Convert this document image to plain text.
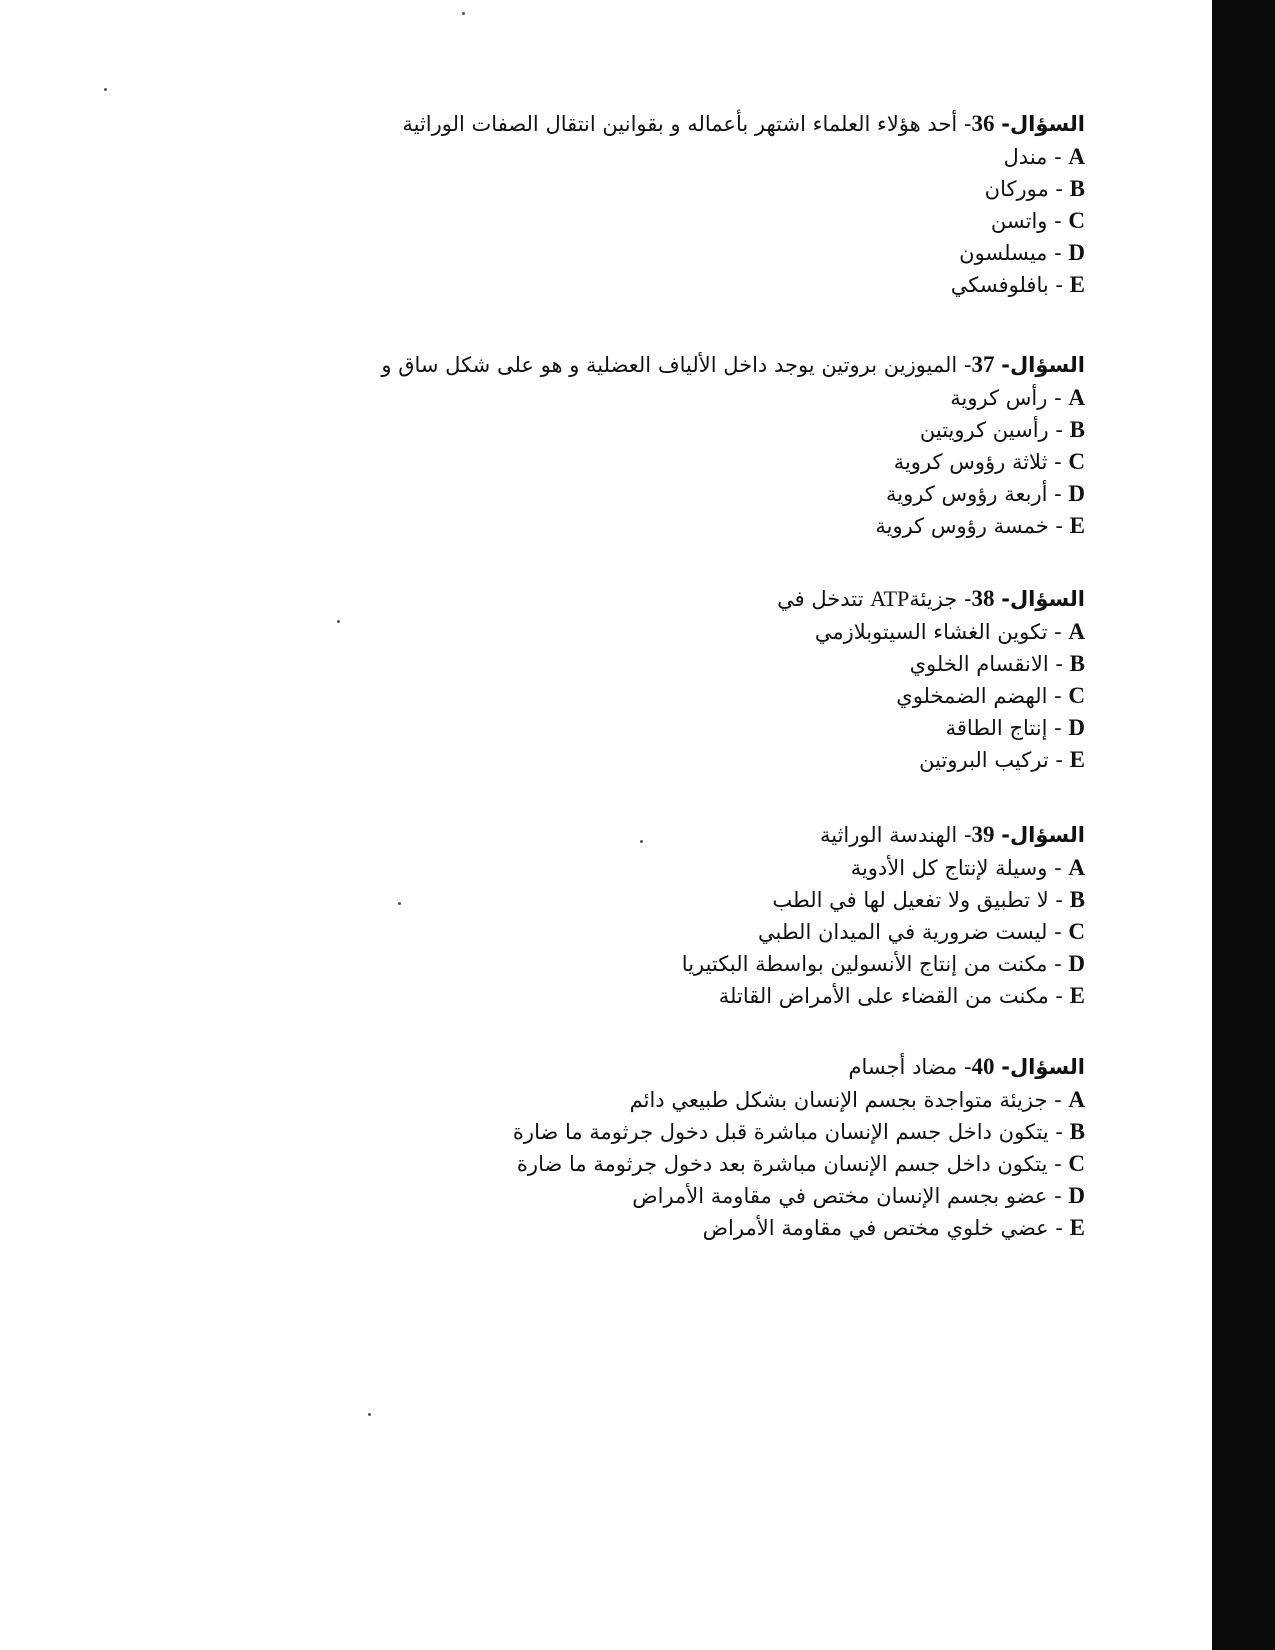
السؤال- 36- أحد هؤلاء العلماء اشتهر بأعماله و بقوانين انتقال الصفات الوراثية
A - مندل
B - موركان
C - واتسن
D - ميسلسون
E - بافلوفسكي
السؤال- 37- الميوزين بروتين يوجد داخل الألياف العضلية و هو على شكل ساق و
A - رأس كروية
B - رأسين كرويتين
C - ثلاثة رؤوس كروية
D - أربعة رؤوس كروية
E - خمسة رؤوس كروية
السؤال- 38- جزيئةATP تتدخل في
A - تكوين الغشاء السيتوبلازمي
B - الانقسام الخلوي
C - الهضم الضمخلوي
D - إنتاج الطاقة
E - تركيب البروتين
السؤال- 39- الهندسة الوراثية
A - وسيلة لإنتاج كل الأدوية
B - لا تطبيق ولا تفعيل لها في الطب
C - ليست ضرورية في الميدان الطبي
D - مكنت من إنتاج الأنسولين بواسطة البكتيريا
E - مكنت من القضاء على الأمراض القاتلة
السؤال- 40- مضاد أجسام
A - جزيئة متواجدة بجسم الإنسان بشكل طبيعي دائم
B - يتكون داخل جسم الإنسان مباشرة قبل دخول جرثومة ما ضارة
C - يتكون داخل جسم الإنسان مباشرة بعد دخول جرثومة ما ضارة
D - عضو بجسم الإنسان مختص في مقاومة الأمراض
E - عضي خلوي مختص في مقاومة الأمراض
